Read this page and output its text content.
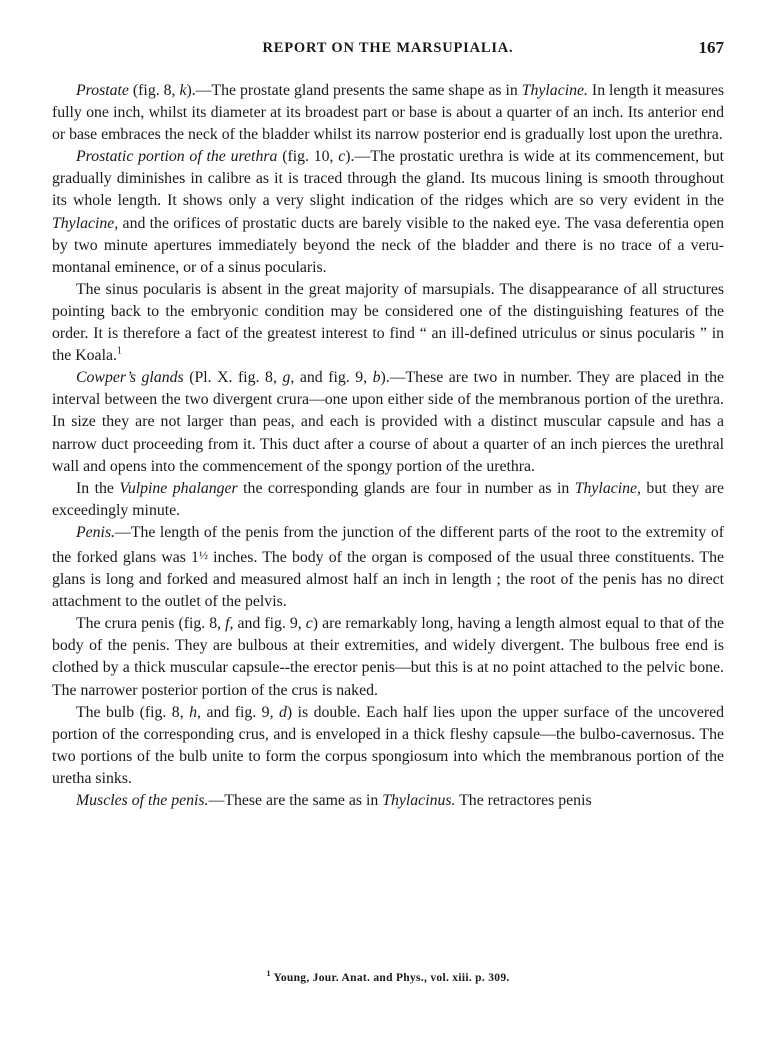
REPORT ON THE MARSUPIALIA.	167

Prostate (fig. 8, k).—The prostate gland presents the same shape as in Thylacine. In length it measures fully one inch, whilst its diameter at its broadest part or base is about a quarter of an inch. Its anterior end or base embraces the neck of the bladder whilst its narrow posterior end is gradually lost upon the urethra.

Prostatic portion of the urethra (fig. 10, c).—The prostatic urethra is wide at its commencement, but gradually diminishes in calibre as it is traced through the gland. Its mucous lining is smooth throughout its whole length. It shows only a very slight indication of the ridges which are so very evident in the Thylacine, and the orifices of prostatic ducts are barely visible to the naked eye. The vasa deferentia open by two minute apertures immediately beyond the neck of the bladder and there is no trace of a veru-montanal eminence, or of a sinus pocularis.

The sinus pocularis is absent in the great majority of marsupials. The disappearance of all structures pointing back to the embryonic condition may be considered one of the distinguishing features of the order. It is therefore a fact of the greatest interest to find “ an ill-defined utriculus or sinus pocularis ” in the Koala.$^1$

Cowper’s glands (Pl. X. fig. 8, g, and fig. 9, b).—These are two in number. They are placed in the interval between the two divergent crura—one upon either side of the membranous portion of the urethra. In size they are not larger than peas, and each is provided with a distinct muscular capsule and has a narrow duct proceeding from it. This duct after a course of about a quarter of an inch pierces the urethral wall and opens into the commencement of the spongy portion of the urethra.

In the Vulpine phalanger the corresponding glands are four in number as in Thylacine, but they are exceedingly minute.

Penis.—The length of the penis from the junction of the different parts of the root to the extremity of the forked glans was 1½ inches. The body of the organ is composed of the usual three constituents. The glans is long and forked and measured almost half an inch in length ; the root of the penis has no direct attachment to the outlet of the pelvis.

The crura penis (fig. 8, f, and fig. 9, c) are remarkably long, having a length almost equal to that of the body of the penis. They are bulbous at their extremities, and widely divergent. The bulbous free end is clothed by a thick muscular capsule--the erector penis—but this is at no point attached to the pelvic bone. The narrower posterior portion of the crus is naked.

The bulb (fig. 8, h, and fig. 9, d) is double. Each half lies upon the upper surface of the uncovered portion of the corresponding crus, and is enveloped in a thick fleshy capsule—the bulbo-cavernosus. The two portions of the bulb unite to form the corpus spongiosum into which the membranous portion of the uretha sinks.

Muscles of the penis.—These are the same as in Thylacinus. The retractores penis

$^1$ Young, Jour. Anat. and Phys., vol. xiii. p. 309.
